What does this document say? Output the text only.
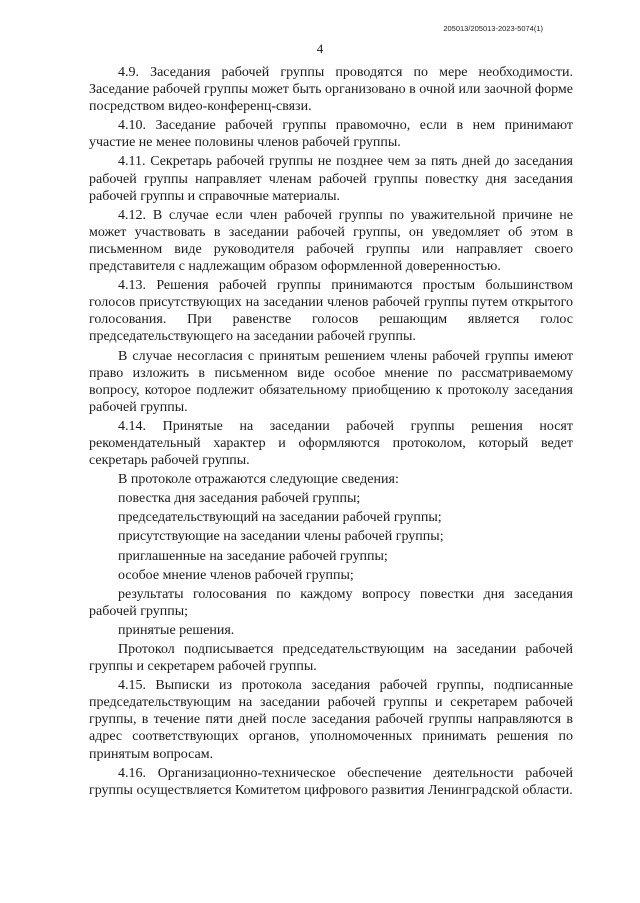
205013/205013-2023-5074(1)
4

4.9. Заседания рабочей группы проводятся по мере необходимости. Заседание рабочей группы может быть организовано в очной или заочной форме посредством видео-конференц-связи.

4.10. Заседание рабочей группы правомочно, если в нем принимают участие не менее половины членов рабочей группы.

4.11. Секретарь рабочей группы не позднее чем за пять дней до заседания рабочей группы направляет членам рабочей группы повестку дня заседания рабочей группы и справочные материалы.

4.12. В случае если член рабочей группы по уважительной причине не может участвовать в заседании рабочей группы, он уведомляет об этом в письменном виде руководителя рабочей группы или направляет своего представителя с надлежащим образом оформленной доверенностью.

4.13. Решения рабочей группы принимаются простым большинством голосов присутствующих на заседании членов рабочей группы путем открытого голосования. При равенстве голосов решающим является голос председательствующего на заседании рабочей группы.

В случае несогласия с принятым решением члены рабочей группы имеют право изложить в письменном виде особое мнение по рассматриваемому вопросу, которое подлежит обязательному приобщению к протоколу заседания рабочей группы.

4.14. Принятые на заседании рабочей группы решения носят рекомендательный характер и оформляются протоколом, который ведет секретарь рабочей группы.

В протоколе отражаются следующие сведения:

повестка дня заседания рабочей группы;

председательствующий на заседании рабочей группы;

присутствующие на заседании члены рабочей группы;

приглашенные на заседание рабочей группы;

особое мнение членов рабочей группы;

результаты голосования по каждому вопросу повестки дня заседания рабочей группы;

принятые решения.

Протокол подписывается председательствующим на заседании рабочей группы и секретарем рабочей группы.

4.15. Выписки из протокола заседания рабочей группы, подписанные председательствующим на заседании рабочей группы и секретарем рабочей группы, в течение пяти дней после заседания рабочей группы направляются в адрес соответствующих органов, уполномоченных принимать решения по принятым вопросам.

4.16. Организационно-техническое обеспечение деятельности рабочей группы осуществляется Комитетом цифрового развития Ленинградской области.
